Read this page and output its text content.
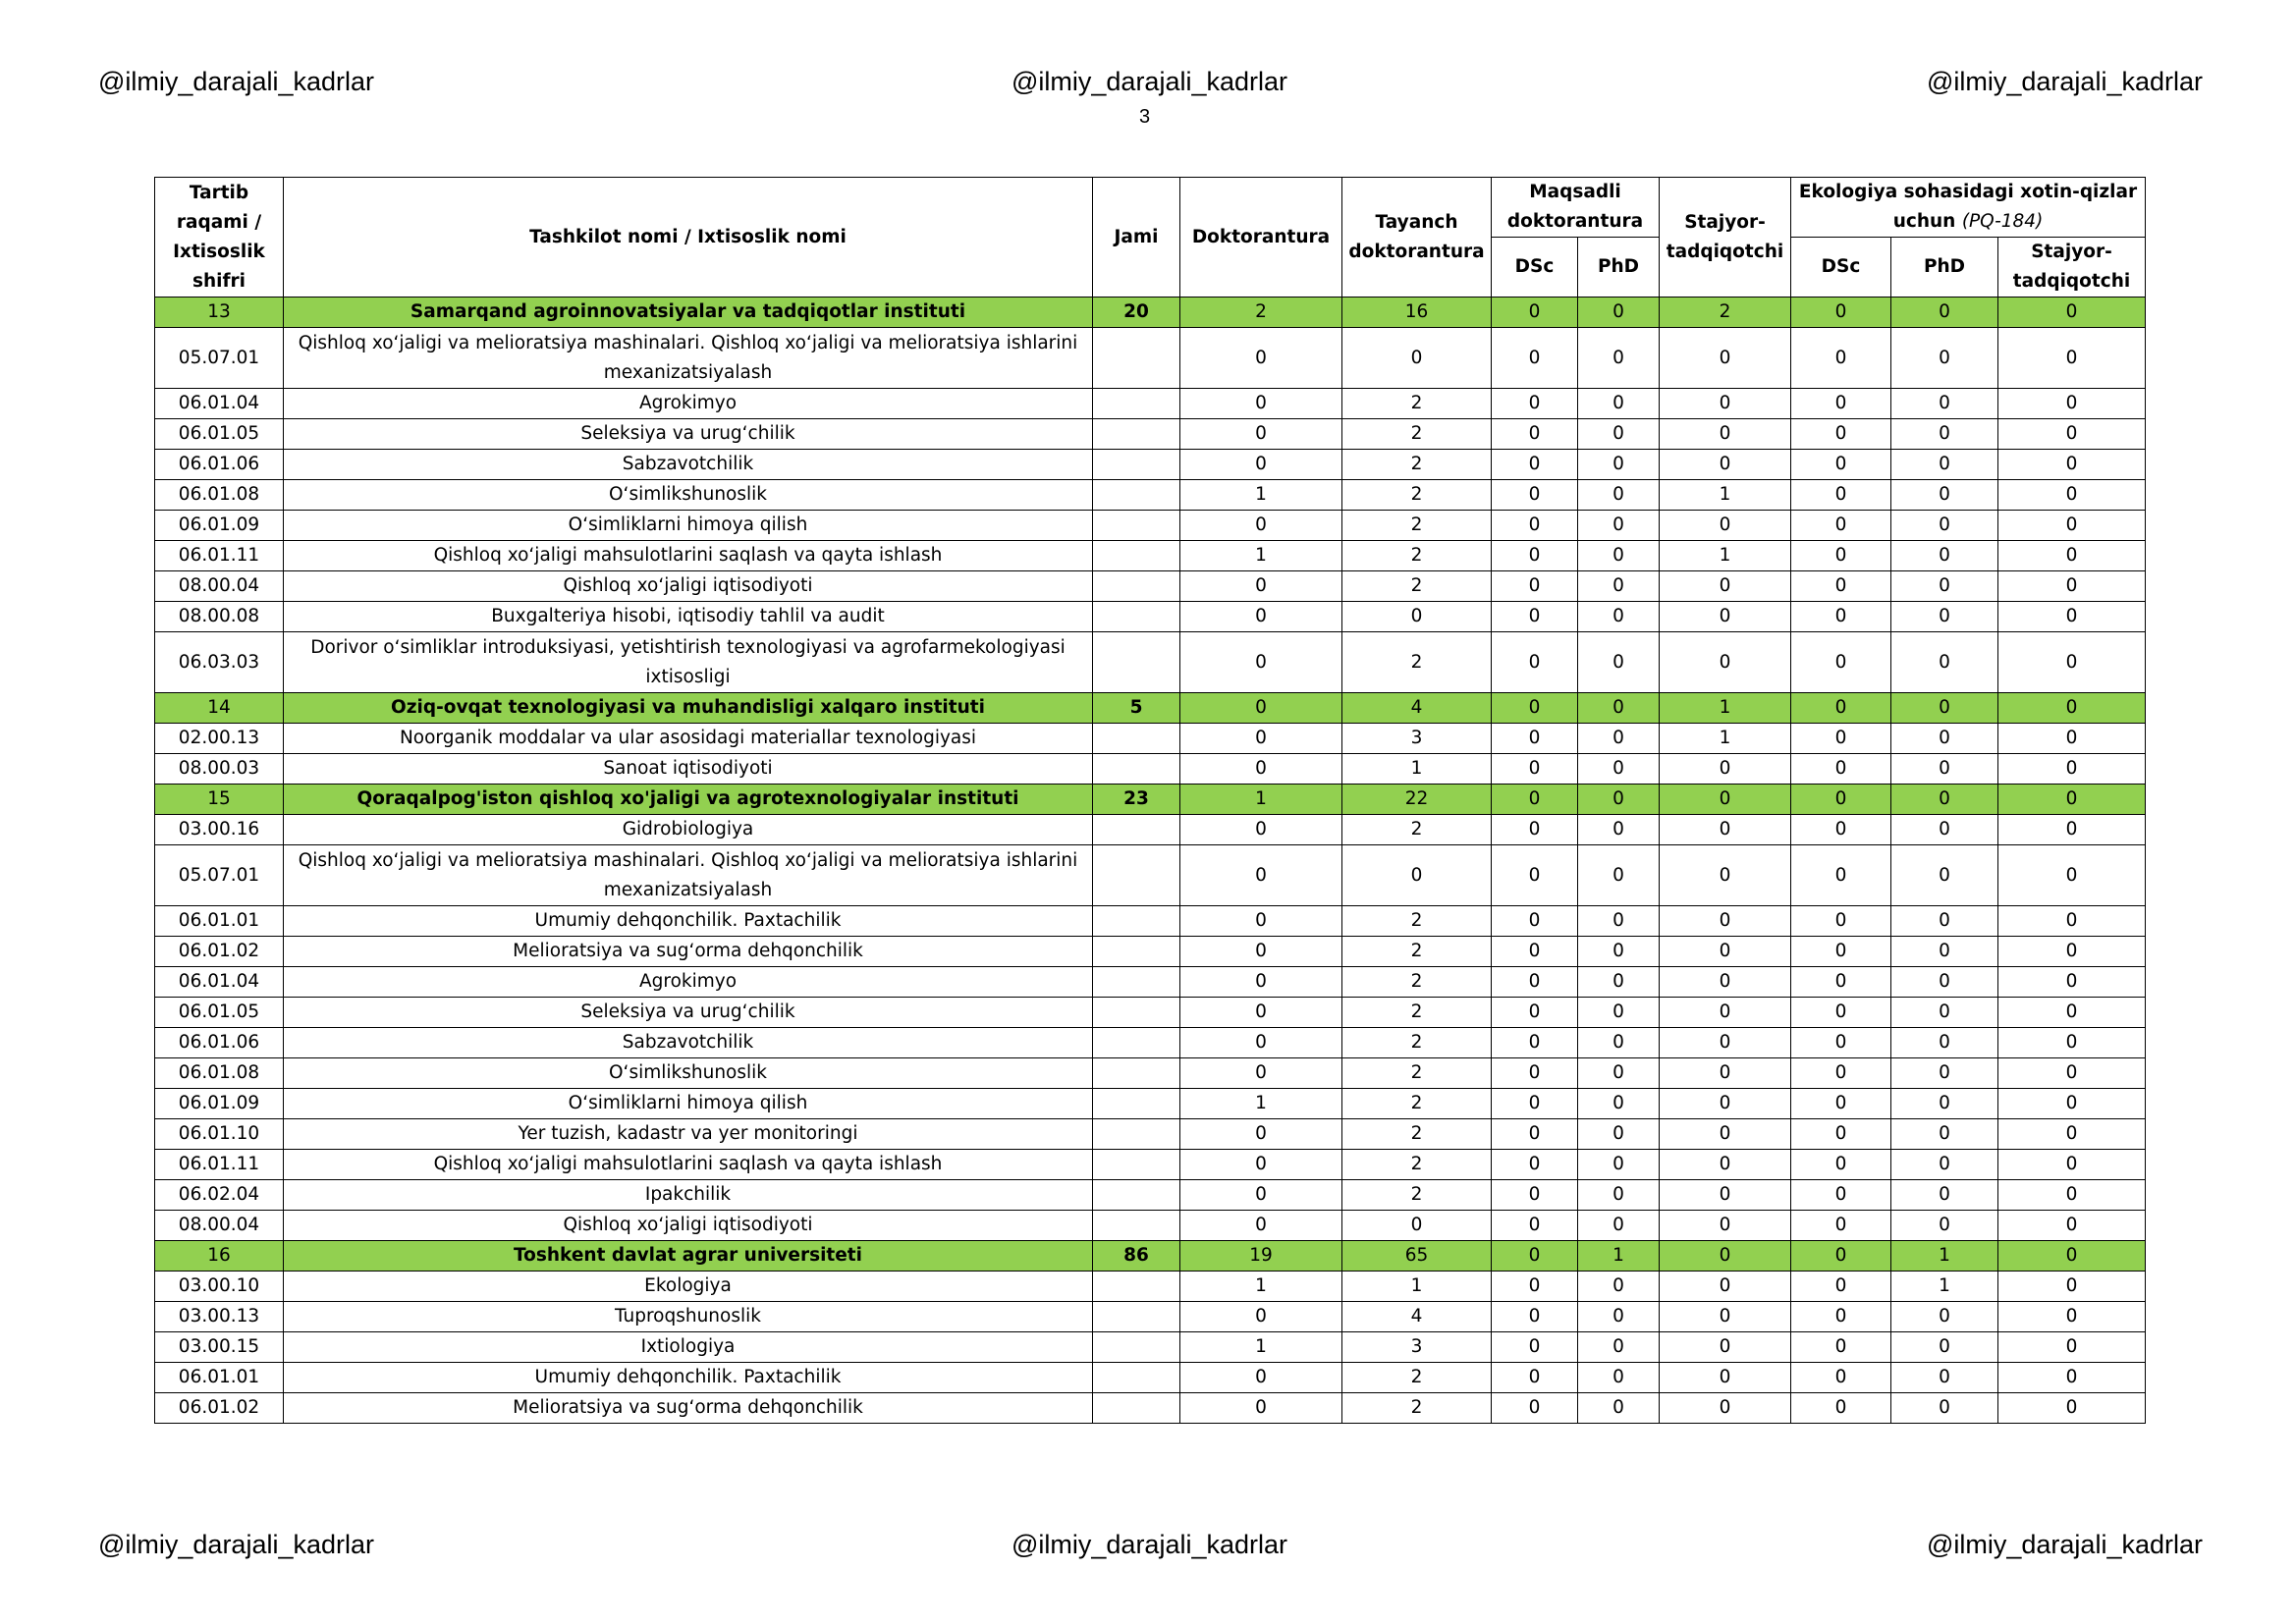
@ilmiy_darajali_kadrlar	@ilmiy_darajali_kadrlar	@ilmiy_darajali_kadrlar
3
Tartib raqami / Ixtisoslik shifri	Tashkilot nomi / Ixtisoslik nomi	Jami	Doktorantura	Tayanch doktorantura	Maqsadli doktorantura		Stajyor-tadqiqotchi	Ekologiya sohasidagi xotin-qizlar uchun (PQ-184)		
					DSc	PhD		DSc	PhD	Stajyor-tadqiqotchi
13	Samarqand agroinnovatsiyalar va tadqiqotlar instituti	20	2	16	0	0	2	0	0	0
05.07.01	Qishloq xoʻjaligi va melioratsiya mashinalari. Qishloq xoʻjaligi va melioratsiya ishlarini mexanizatsiyalash		0	0	0	0	0	0	0	0
06.01.04	Agrokimyo		0	2	0	0	0	0	0	0
06.01.05	Seleksiya va urugʻchilik		0	2	0	0	0	0	0	0
06.01.06	Sabzavotchilik		0	2	0	0	0	0	0	0
06.01.08	Oʻsimlikshunoslik		1	2	0	0	1	0	0	0
06.01.09	Oʻsimliklarni himoya qilish		0	2	0	0	0	0	0	0
06.01.11	Qishloq xoʻjaligi mahsulotlarini saqlash va qayta ishlash		1	2	0	0	1	0	0	0
08.00.04	Qishloq xoʻjaligi iqtisodiyoti		0	2	0	0	0	0	0	0
08.00.08	Buxgalteriya hisobi, iqtisodiy tahlil va audit		0	0	0	0	0	0	0	0
06.03.03	Dorivor oʻsimliklar introduksiyasi, yetishtirish texnologiyasi va agrofarmekologiyasi ixtisosligi		0	2	0	0	0	0	0	0
14	Oziq-ovqat texnologiyasi va muhandisligi xalqaro instituti	5	0	4	0	0	1	0	0	0
02.00.13	Noorganik moddalar va ular asosidagi materiallar texnologiyasi		0	3	0	0	1	0	0	0
08.00.03	Sanoat iqtisodiyoti		0	1	0	0	0	0	0	0
15	Qoraqalpog'iston qishloq xo'jaligi va agrotexnologiyalar instituti	23	1	22	0	0	0	0	0	0
03.00.16	Gidrobiologiya		0	2	0	0	0	0	0	0
05.07.01	Qishloq xoʻjaligi va melioratsiya mashinalari. Qishloq xoʻjaligi va melioratsiya ishlarini mexanizatsiyalash		0	0	0	0	0	0	0	0
06.01.01	Umumiy dehqonchilik. Paxtachilik		0	2	0	0	0	0	0	0
06.01.02	Melioratsiya va sugʻorma dehqonchilik		0	2	0	0	0	0	0	0
06.01.04	Agrokimyo		0	2	0	0	0	0	0	0
06.01.05	Seleksiya va urugʻchilik		0	2	0	0	0	0	0	0
06.01.06	Sabzavotchilik		0	2	0	0	0	0	0	0
06.01.08	Oʻsimlikshunoslik		0	2	0	0	0	0	0	0
06.01.09	Oʻsimliklarni himoya qilish		1	2	0	0	0	0	0	0
06.01.10	Yer tuzish, kadastr va yer monitoringi		0	2	0	0	0	0	0	0
06.01.11	Qishloq xoʻjaligi mahsulotlarini saqlash va qayta ishlash		0	2	0	0	0	0	0	0
06.02.04	Ipakchilik		0	2	0	0	0	0	0	0
08.00.04	Qishloq xoʻjaligi iqtisodiyoti		0	0	0	0	0	0	0	0
16	Toshkent davlat agrar universiteti	86	19	65	0	1	0	0	1	0
03.00.10	Ekologiya		1	1	0	0	0	0	1	0
03.00.13	Tuproqshunoslik		0	4	0	0	0	0	0	0
03.00.15	Ixtiologiya		1	3	0	0	0	0	0	0
06.01.01	Umumiy dehqonchilik. Paxtachilik		0	2	0	0	0	0	0	0
06.01.02	Melioratsiya va sugʻorma dehqonchilik		0	2	0	0	0	0	0	0
@ilmiy_darajali_kadrlar	@ilmiy_darajali_kadrlar	@ilmiy_darajali_kadrlar
